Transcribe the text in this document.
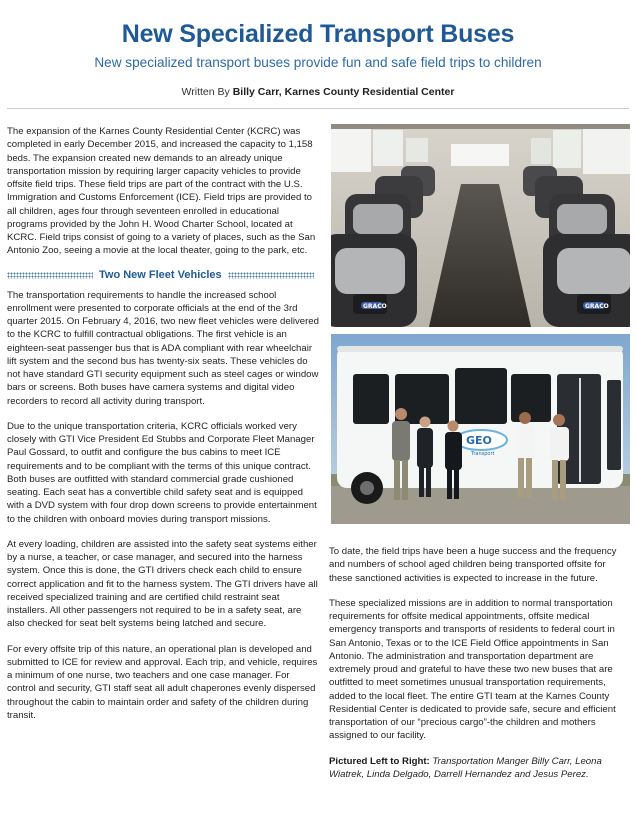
New Specialized Transport Buses
New specialized transport buses provide fun and safe field trips to children
Written By Billy Carr, Karnes County Residential Center

The expansion of the Karnes County Residential Center (KCRC) was completed in early December 2015, and increased the capacity to 1,158 beds. The expansion created new demands to an already unique transportation mission by requiring larger capacity vehicles to provide offsite field trips. These field trips are part of the contract with the U.S. Immigration and Customs Enforcement (ICE). Field trips are provided to all children, ages four through seventeen enrolled in educational programs provided by the John H. Wood Charter School, located at KCRC. Field trips consist of going to a variety of places, such as the San Antonio Zoo, seeing a movie at the local theater, going to the park, etc.

Two New Fleet Vehicles

The transportation requirements to handle the increased school enrollment were presented to corporate officials at the end of the 3rd quarter 2015. On February 4, 2016, two new fleet vehicles were delivered to the KCRC to fulfill contractual obligations. The first vehicle is an eighteen-seat passenger bus that is ADA compliant with rear wheelchair lift system and the second bus has twenty-six seats. These vehicles do not have standard GTI security equipment such as steel cages or window bars or screens. Both buses have camera systems and digital video recorders to record all activity during transport.

Due to the unique transportation criteria, KCRC officials worked very closely with GTI Vice President Ed Stubbs and Corporate Fleet Manager Paul Gossard, to outfit and configure the bus cabins to meet ICE requirements and to be compliant with the terms of this unique contract. Both buses are outfitted with standard commercial grade cushioned seating. Each seat has a convertible child safety seat and is equipped with a DVD system with four drop down screens to provide entertainment to the children with onboard movies during transport missions.

At every loading, children are assisted into the safety seat systems either by a nurse, a teacher, or case manager, and secured into the harness system. Once this is done, the GTI drivers check each child to ensure correct application and fit to the harness system. The GTI drivers have all received specialized training and are certified child restraint seat installers. All other passengers not required to be in a safety seat, are also checked for seat belt systems being latched and secure.

For every offsite trip of this nature, an operational plan is developed and submitted to ICE for review and approval. Each trip, and vehicle, requires a minimum of one nurse, two teachers and one case manager. For control and security, GTI staff seat all adult chaperones evenly dispersed throughout the cabin to maintain order and safety of the children during transit.

GRACO	GRACO
GEO
Transport

To date, the field trips have been a huge success and the frequency and numbers of school aged children being transported offsite for these sanctioned activities is expected to increase in the future.

These specialized missions are in addition to normal transportation requirements for offsite medical appointments, offsite medical emergency transports and transports of residents to federal court in San Antonio, Texas or to the ICE Field Office appointments in San Antonio. The administration and transportation department are extremely proud and grateful to have these two new buses that are outfitted to meet sometimes unusual transportation requirements, added to the local fleet. The entire GTI team at the Karnes County Residential Center is dedicated to provide safe, secure and efficient transportation of our “precious cargo”-the children and mothers assigned to our facility.

Pictured Left to Right: Transportation Manger Billy Carr, Leona Wiatrek, Linda Delgado, Darrell Hernandez and Jesus Perez.
